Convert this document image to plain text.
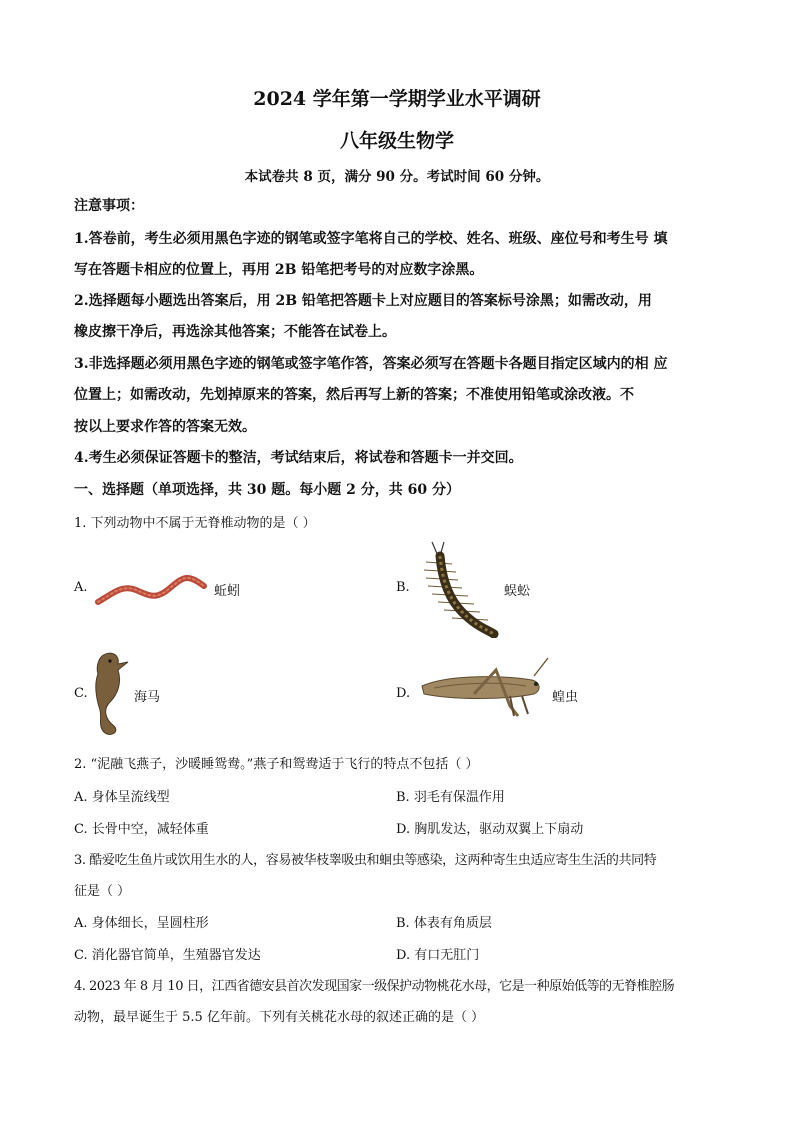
2024 学年第一学期学业水平调研
八年级生物学
本试卷共 8 页，满分 90 分。考试时间 60 分钟。
注意事项：
1.答卷前，考生必须用黑色字迹的钢笔或签字笔将自己的学校、姓名、班级、座位号和考生号 填
写在答题卡相应的位置上，再用 2B 铅笔把考号的对应数字涂黑。
2.选择题每小题选出答案后，用 2B 铅笔把答题卡上对应题目的答案标号涂黑；如需改动，用
橡皮擦干净后，再选涂其他答案；不能答在试卷上。
3.非选择题必须用黑色字迹的钢笔或签字笔作答，答案必须写在答题卡各题目指定区域内的相 应
位置上；如需改动，先划掉原来的答案，然后再写上新的答案；不准使用铅笔或涂改液。不
按以上要求作答的答案无效。
4.考生必须保证答题卡的整洁，考试结束后，将试卷和答题卡一并交回。
一、选择题（单项选择，共 30 题。每小题 2 分，共 60 分）
1. 下列动物中不属于无脊椎动物的是（ ）
A.	蚯蚓	B.	蜈蚣
C.	海马	D.	蝗虫
2. “泥融飞燕子，沙暖睡鸳鸯。”燕子和鸳鸯适于飞行的特点不包括（ ）
A. 身体呈流线型	B. 羽毛有保温作用
C. 长骨中空，减轻体重	D. 胸肌发达，驱动双翼上下扇动
3. 酷爱吃生鱼片或饮用生水的人，容易被华枝睾吸虫和蛔虫等感染，这两种寄生虫适应寄生生活的共同特
征是（ ）
A. 身体细长，呈圆柱形	B. 体表有角质层
C. 消化器官简单，生殖器官发达	D. 有口无肛门
4. 2023 年 8 月 10 日，江西省德安县首次发现国家一级保护动物桃花水母，它是一种原始低等的无脊椎腔肠
动物，最早诞生于 5.5 亿年前。下列有关桃花水母的叙述正确的是（ ）
